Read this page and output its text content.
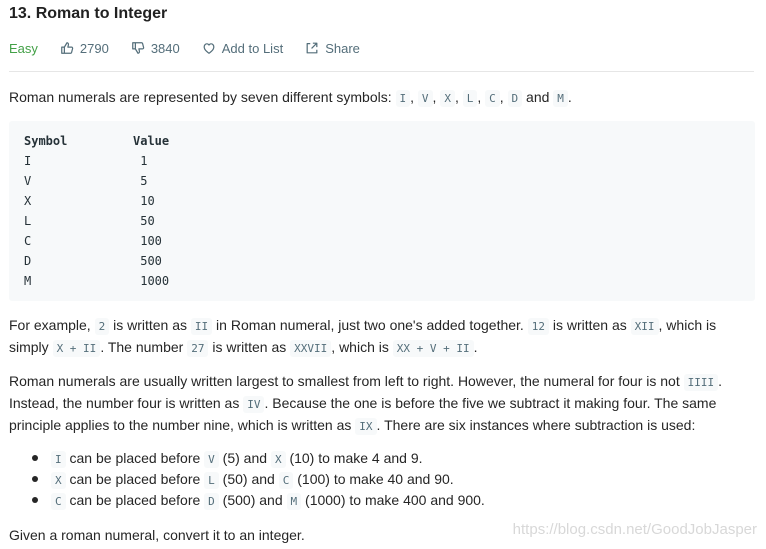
13. Roman to Integer
Easy	2790	3840	Add to List	Share
Roman numerals are represented by seven different symbols: I , V , X , L , C , D and M .
Symbol	Value
I	1
V	5
X	10
L	50
C	100
D	500
M	1000
For example, 2 is written as II in Roman numeral, just two one's added together. 12 is written as XII , which is simply X + II . The number 27 is written as XXVII , which is XX + V + II .
Roman numerals are usually written largest to smallest from left to right. However, the numeral for four is not IIII . Instead, the number four is written as IV . Because the one is before the five we subtract it making four. The same principle applies to the number nine, which is written as IX . There are six instances where subtraction is used:
I can be placed before V (5) and X (10) to make 4 and 9.
X can be placed before L (50) and C (100) to make 40 and 90.
C can be placed before D (500) and M (1000) to make 400 and 900.
Given a roman numeral, convert it to an integer.	https://blog.csdn.net/GoodJobJasper
